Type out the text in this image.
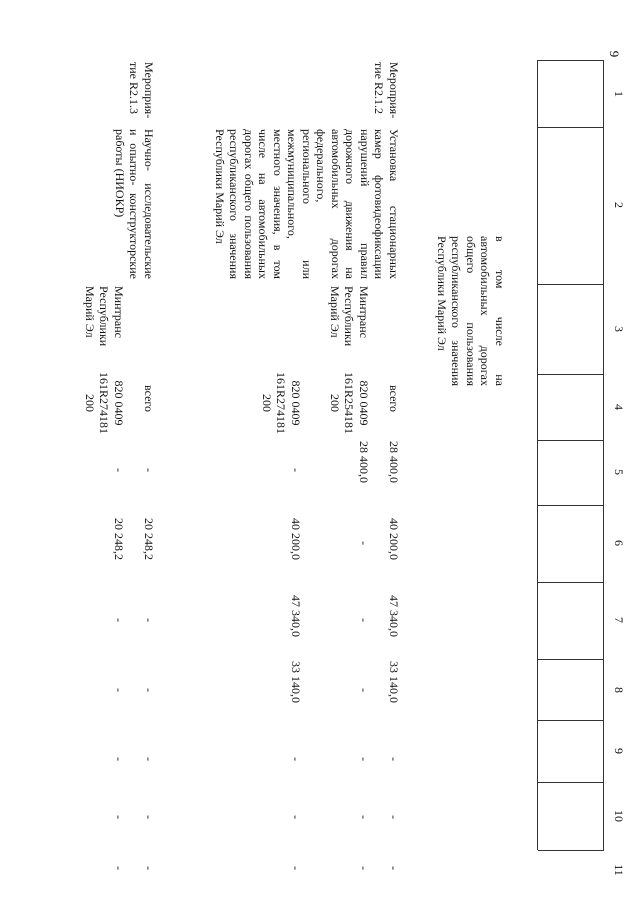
9
1
2
3
4
5
6
7
8
9
10
11
в том числе на автомобильных дорогах общего пользования республиканского значения Республики Марий Эл
Мероприя-
тие R2.1.2
Установка стационарных камер фотовидеофиксации нарушений правил дорожного движения на автомобильных дорогах федерального, регионального или межмуниципального, местного значения, в том числе на автомобильных дорогах общего пользования республиканского значения Республики Марий Эл
Минтранс
Республики
Марий Эл
всего
28 400,0
40 200,0
47 340,0
33 140,0
-
-
-
820 0409
161R254181
200
28 400,0
-
-
-
-
-
-
820 0409
161R274181
200
-
40 200,0
47 340,0
33 140,0
-
-
-
Мероприя-
тие R2.1.3
Научно- исследовательские и опытно- конструкторские работы (НИОКР)
Минтранс
Республики
Марий Эл
всего
-
20 248,2
-
-
-
-
-
820 0409
161R274181
200
-
20 248,2
-
-
-
-
-
